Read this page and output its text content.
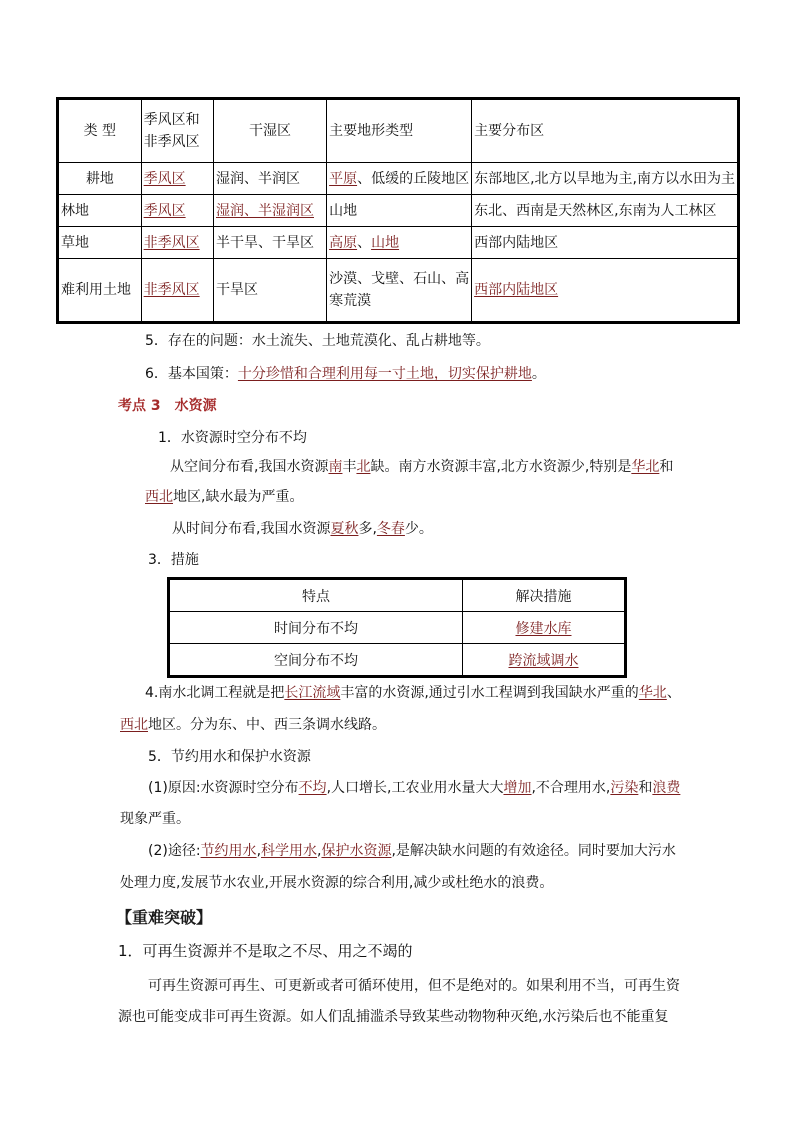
类 型	季风区和非季风区	干湿区	主要地形类型	主要分布区
耕地	季风区	湿润、半润区	平原、低缓的丘陵地区	东部地区,北方以旱地为主,南方以水田为主
林地	季风区	湿润、半湿润区	山地	东北、西南是天然林区,东南为人工林区
草地	非季风区	半干旱、干旱区	高原、山地	西部内陆地区
难利用土地	非季风区	干旱区	沙漠、戈壁、石山、高寒荒漠	西部内陆地区
5．存在的问题：水土流失、土地荒漠化、乱占耕地等。
6．基本国策：十分珍惜和合理利用每一寸土地，切实保护耕地。
考点 3　水资源
1．水资源时空分布不均
从空间分布看,我国水资源南丰北缺。南方水资源丰富,北方水资源少,特别是华北和
西北地区,缺水最为严重。
从时间分布看,我国水资源夏秋多,冬春少。
3．措施
特点	解决措施
时间分布不均	修建水库
空间分布不均	跨流域调水
4.南水北调工程就是把长江流域丰富的水资源,通过引水工程调到我国缺水严重的华北、
西北地区。分为东、中、西三条调水线路。
5．节约用水和保护水资源
(1)原因:水资源时空分布不均,人口增长,工农业用水量大大增加,不合理用水,污染和浪费
现象严重。
(2)途径:节约用水,科学用水,保护水资源,是解决缺水问题的有效途径。同时要加大污水
处理力度,发展节水农业,开展水资源的综合利用,减少或杜绝水的浪费。
【重难突破】
1．可再生资源并不是取之不尽、用之不竭的
可再生资源可再生、可更新或者可循环使用，但不是绝对的。如果利用不当，可再生资
源也可能变成非可再生资源。如人们乱捕滥杀导致某些动物物种灭绝,水污染后也不能重复
